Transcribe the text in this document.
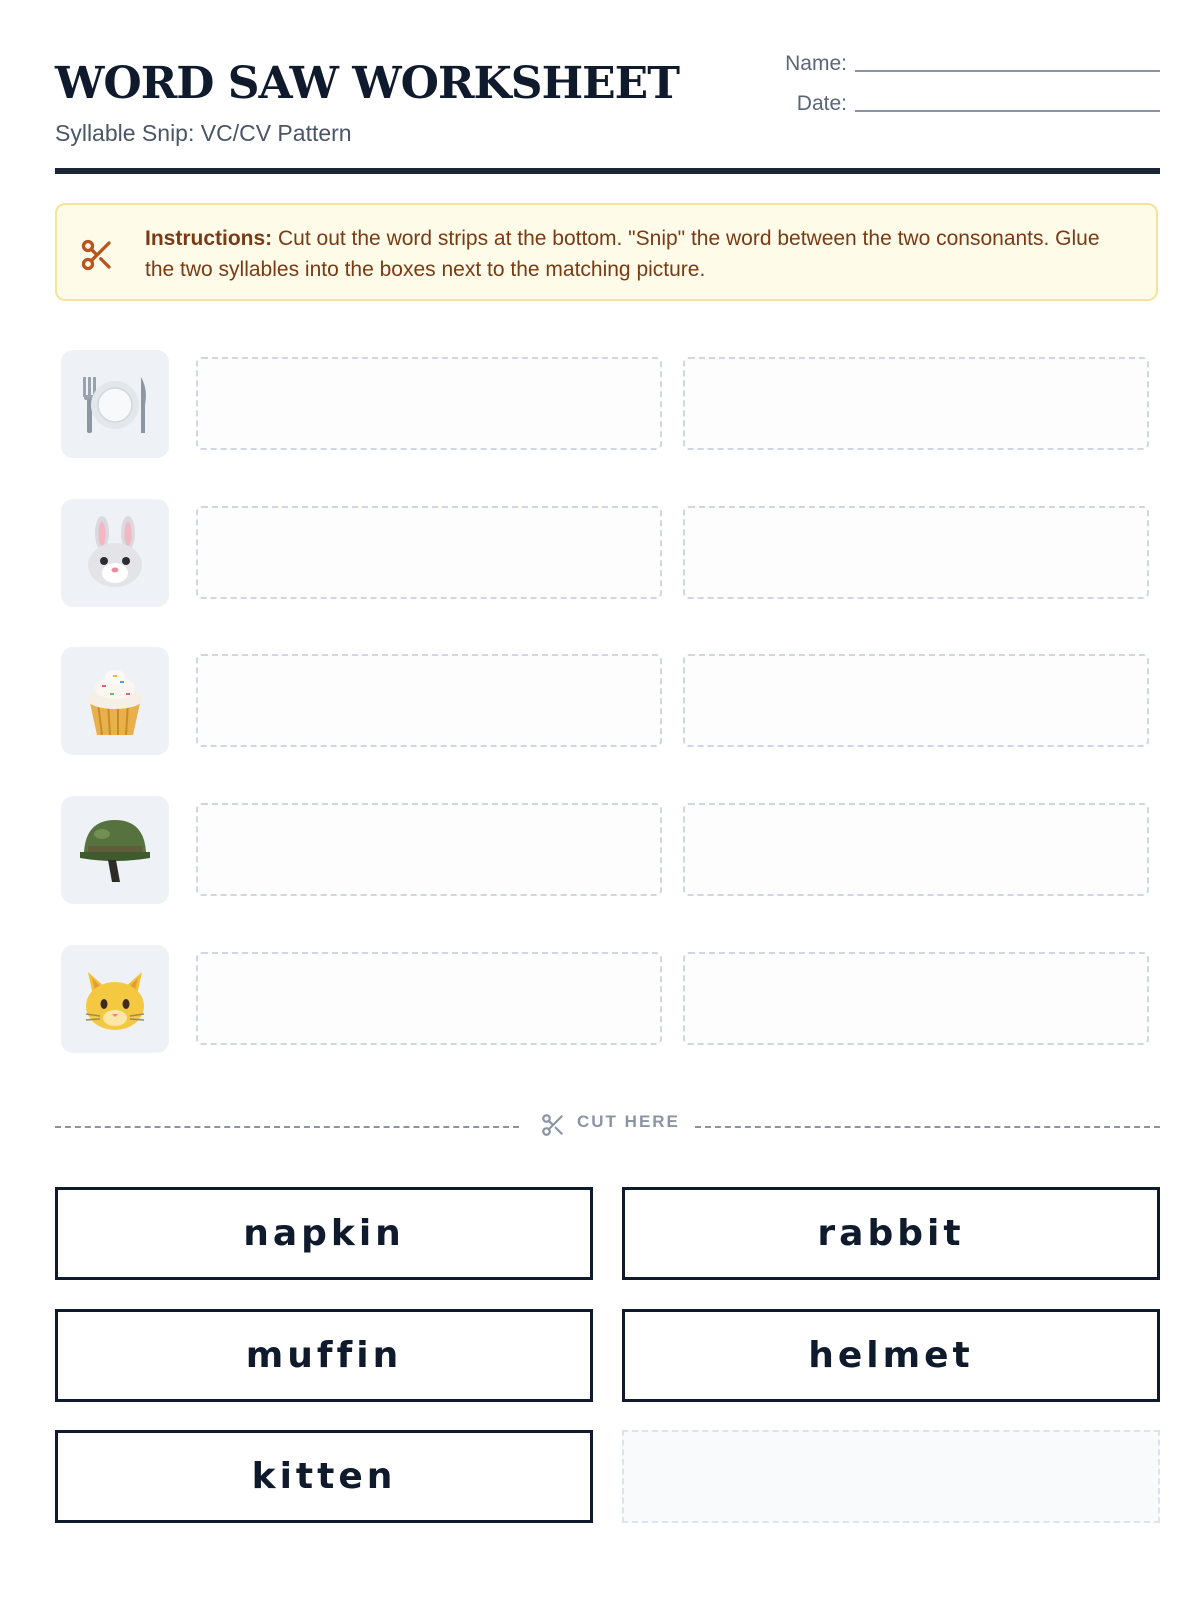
WORD SAW WORKSHEET
Syllable Snip: VC/CV Pattern
Name:
Date:
Instructions: Cut out the word strips at the bottom. "Snip" the word between the two consonants. Glue the two syllables into the boxes next to the matching picture.
CUT HERE
napkin	rabbit
muffin	helmet
kitten
